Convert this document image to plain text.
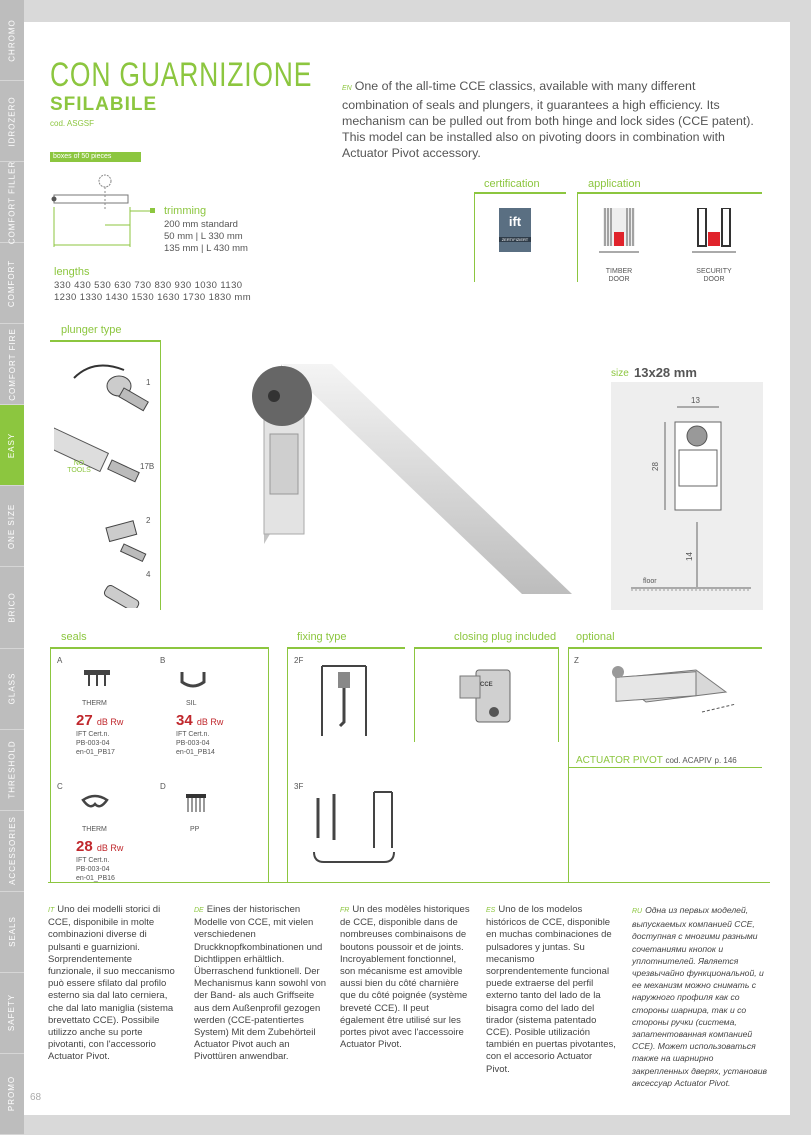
CHROMO
IDROZERO
COMFORT FILLER
COMFORT
COMFORT FIRE
EASY
ONE SIZE
BRICO
GLASS
THRESHOLD
ACCESSORIES
SEALS
SAFETY
PROMO
CON GUARNIZIONE
SFILABILE
cod. ASGSF
EN One of the all-time CCE classics, available with many different combination of seals and plungers, it guarantees a high efficiency. Its mechanism can be pulled out from both hinge and lock sides (CCE patent). This model can be installed also on pivoting doors in combination with Actuator Pivot accessory.
boxes of 50 pieces
trimming
200 mm standard
50 mm | L 330 mm
135 mm | L 430 mm
lengths
330 430 530 630 730 830 930 1030 1130
1230 1330 1430 1530 1630 1730 1830 mm
certification
ift
ZERTIFIZIERT
application
TIMBER DOOR
SECURITY DOOR
plunger type
1
17B
NO TOOLS
2
4
size 13x28 mm
13
28
14
floor
seals	fixing type	closing plug included optional
A
THERM
27 dB Rw
IFT Cert.n.
PB-003-04
en-01_PB17
B
SIL
34 dB Rw
IFT Cert.n.
PB-003-04
en-01_PB14
C
THERM
28 dB Rw
IFT Cert.n.
PB-003-04
en-01_PB16
D
PP
2F
3F
CCE
Z
ACTUATOR PIVOT cod. ACAPIV p. 146

IT Uno dei modelli storici di CCE, disponibile in molte combinazioni diverse di pulsanti e guarnizioni. Sorprendentemente funzionale, il suo meccanismo può essere sfilato dal profilo esterno sia dal lato cerniera, che dal lato maniglia (sistema brevettato CCE). Possibile utilizzo anche su porte pivotanti, con l'accessorio Actuator Pivot.

DE Eines der historischen Modelle von CCE, mit vielen verschiedenen Druckknopfkombinationen und Dichtlippen erhältlich. Überraschend funktionell. Der Mechanismus kann sowohl von der Band- als auch Griffseite aus dem Außenprofil gezogen werden (CCE-patentiertes System) Mit dem Zubehörteil Actuator Pivot auch an Pivottüren anwendbar.

FR Un des modèles historiques de CCE, disponible dans de nombreuses combinaisons de boutons poussoir et de joints. Incroyablement fonctionnel, son mécanisme est amovible aussi bien du côté charnière que du côté poignée (système breveté CCE). Il peut également être utilisé sur les portes pivot avec l'accessoire Actuator Pivot.

ES Uno de los modelos históricos de CCE, disponible en muchas combinaciones de pulsadores y juntas. Su mecanismo sorprendentemente funcional puede extraerse del perfil externo tanto del lado de la bisagra como del lado del tirador (sistema patentado CCE). Posible utilización también en puertas pivotantes, con el accesorio Actuator Pivot.

RU Одна из первых моделей, выпускаемых компанией CCE, доступная с многими разными сочетаниями кнопок и уплотнителей. Является чрезвычайно функциональной, и ее механизм можно снимать с наружного профиля как со стороны шарнира, так и со стороны ручки (система, запатентованная компанией CCE). Может использоваться также на шарнирно закрепленных дверях, установив аксессуар Actuator Pivot.

68
